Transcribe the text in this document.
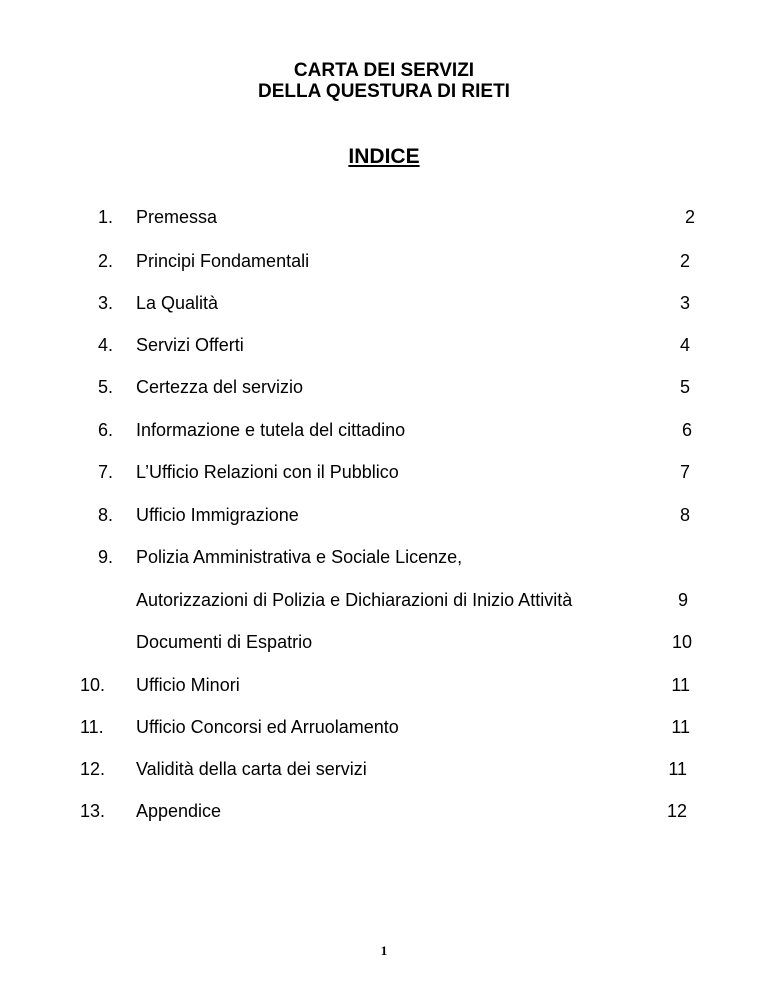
CARTA DEI SERVIZI
DELLA QUESTURA DI RIETI
INDICE
1. Premessa	2
2. Principi Fondamentali	2
3. La Qualità	3
4. Servizi Offerti	4
5. Certezza del servizio	5
6. Informazione e tutela del cittadino	6
7. L’Ufficio Relazioni con il Pubblico	7
8. Ufficio Immigrazione	8
9. Polizia Amministrativa e Sociale Licenze,
Autorizzazioni di Polizia e Dichiarazioni di Inizio Attività	9
Documenti di Espatrio	10
10. Ufficio Minori	11
11. Ufficio Concorsi ed Arruolamento	11
12. Validità della carta dei servizi	11
13. Appendice	12
1
